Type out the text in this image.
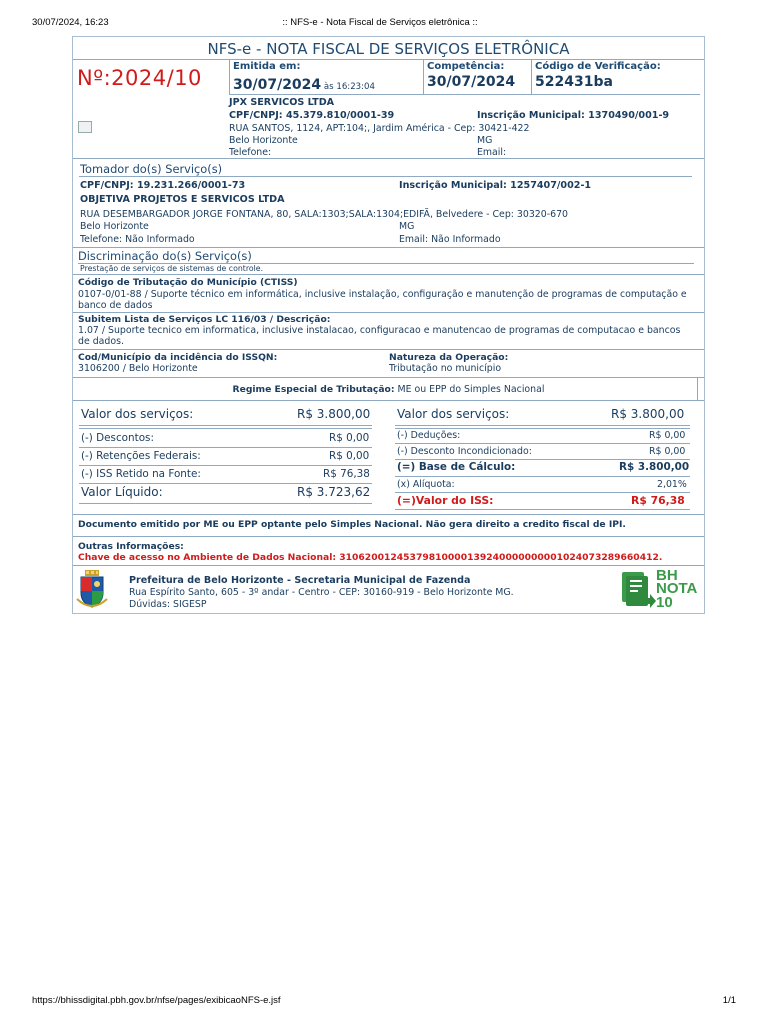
30/07/2024, 16:23	:: NFS-e - Nota Fiscal de Serviços eletrônica ::
NFS-e - NOTA FISCAL DE SERVIÇOS ELETRÔNICA
Nº:2024/10	Emitida em:
30/07/2024 às 16:23:04
Competência:
30/07/2024
Código de Verificação:
522431ba
JPX SERVICOS LTDA
CPF/CNPJ: 45.379.810/0001-39	Inscrição Municipal: 1370490/001-9
RUA SANTOS, 1124, APT:104;, Jardim América - Cep: 30421-422
Belo Horizonte	MG
Telefone:	Email:
Tomador do(s) Serviço(s)
CPF/CNPJ: 19.231.266/0001-73	Inscrição Municipal: 1257407/002-1
OBJETIVA PROJETOS E SERVICOS LTDA
RUA DESEMBARGADOR JORGE FONTANA, 80, SALA:1303;SALA:1304;EDIFÃ, Belvedere - Cep: 30320-670
Belo Horizonte	MG
Telefone: Não Informado	Email: Não Informado
Discriminação do(s) Serviço(s)
Prestação de serviços de sistemas de controle.
Código de Tributação do Município (CTISS)
0107-0/01-88 / Suporte técnico em informática, inclusive instalação, configuração e manutenção de programas de computação e
banco de dados
Subitem Lista de Serviços LC 116/03 / Descrição:
1.07 / Suporte tecnico em informatica, inclusive instalacao, configuracao e manutencao de programas de computacao e bancos
de dados.
Cod/Município da incidência do ISSQN:
3106200 / Belo Horizonte
Natureza da Operação:
Tributação no município
Regime Especial de Tributação: ME ou EPP do Simples Nacional
Valor dos serviços:	R$ 3.800,00
(-) Descontos:	R$ 0,00
(-) Retenções Federais:	R$ 0,00
(-) ISS Retido na Fonte:	R$ 76,38
Valor Líquido:	R$ 3.723,62
Valor dos serviços:	R$ 3.800,00
(-) Deduções:	R$ 0,00
(-) Desconto Incondicionado:	R$ 0,00
(=) Base de Cálculo:	R$ 3.800,00
(x) Alíquota:	2,01%
(=)Valor do ISS:	R$ 76,38
Documento emitido por ME ou EPP optante pelo Simples Nacional. Não gera direito a credito fiscal de IPI.
Outras Informações:
Chave de acesso no Ambiente de Dados Nacional: 31062001245379810000139240000000001024073289660412.
Prefeitura de Belo Horizonte - Secretaria Municipal de Fazenda
Rua Espírito Santo, 605 - 3º andar - Centro - CEP: 30160-919 - Belo Horizonte MG.
Dúvidas: SIGESP
BH
NOTA
10
https://bhissdigital.pbh.gov.br/nfse/pages/exibicaoNFS-e.jsf	1/1
